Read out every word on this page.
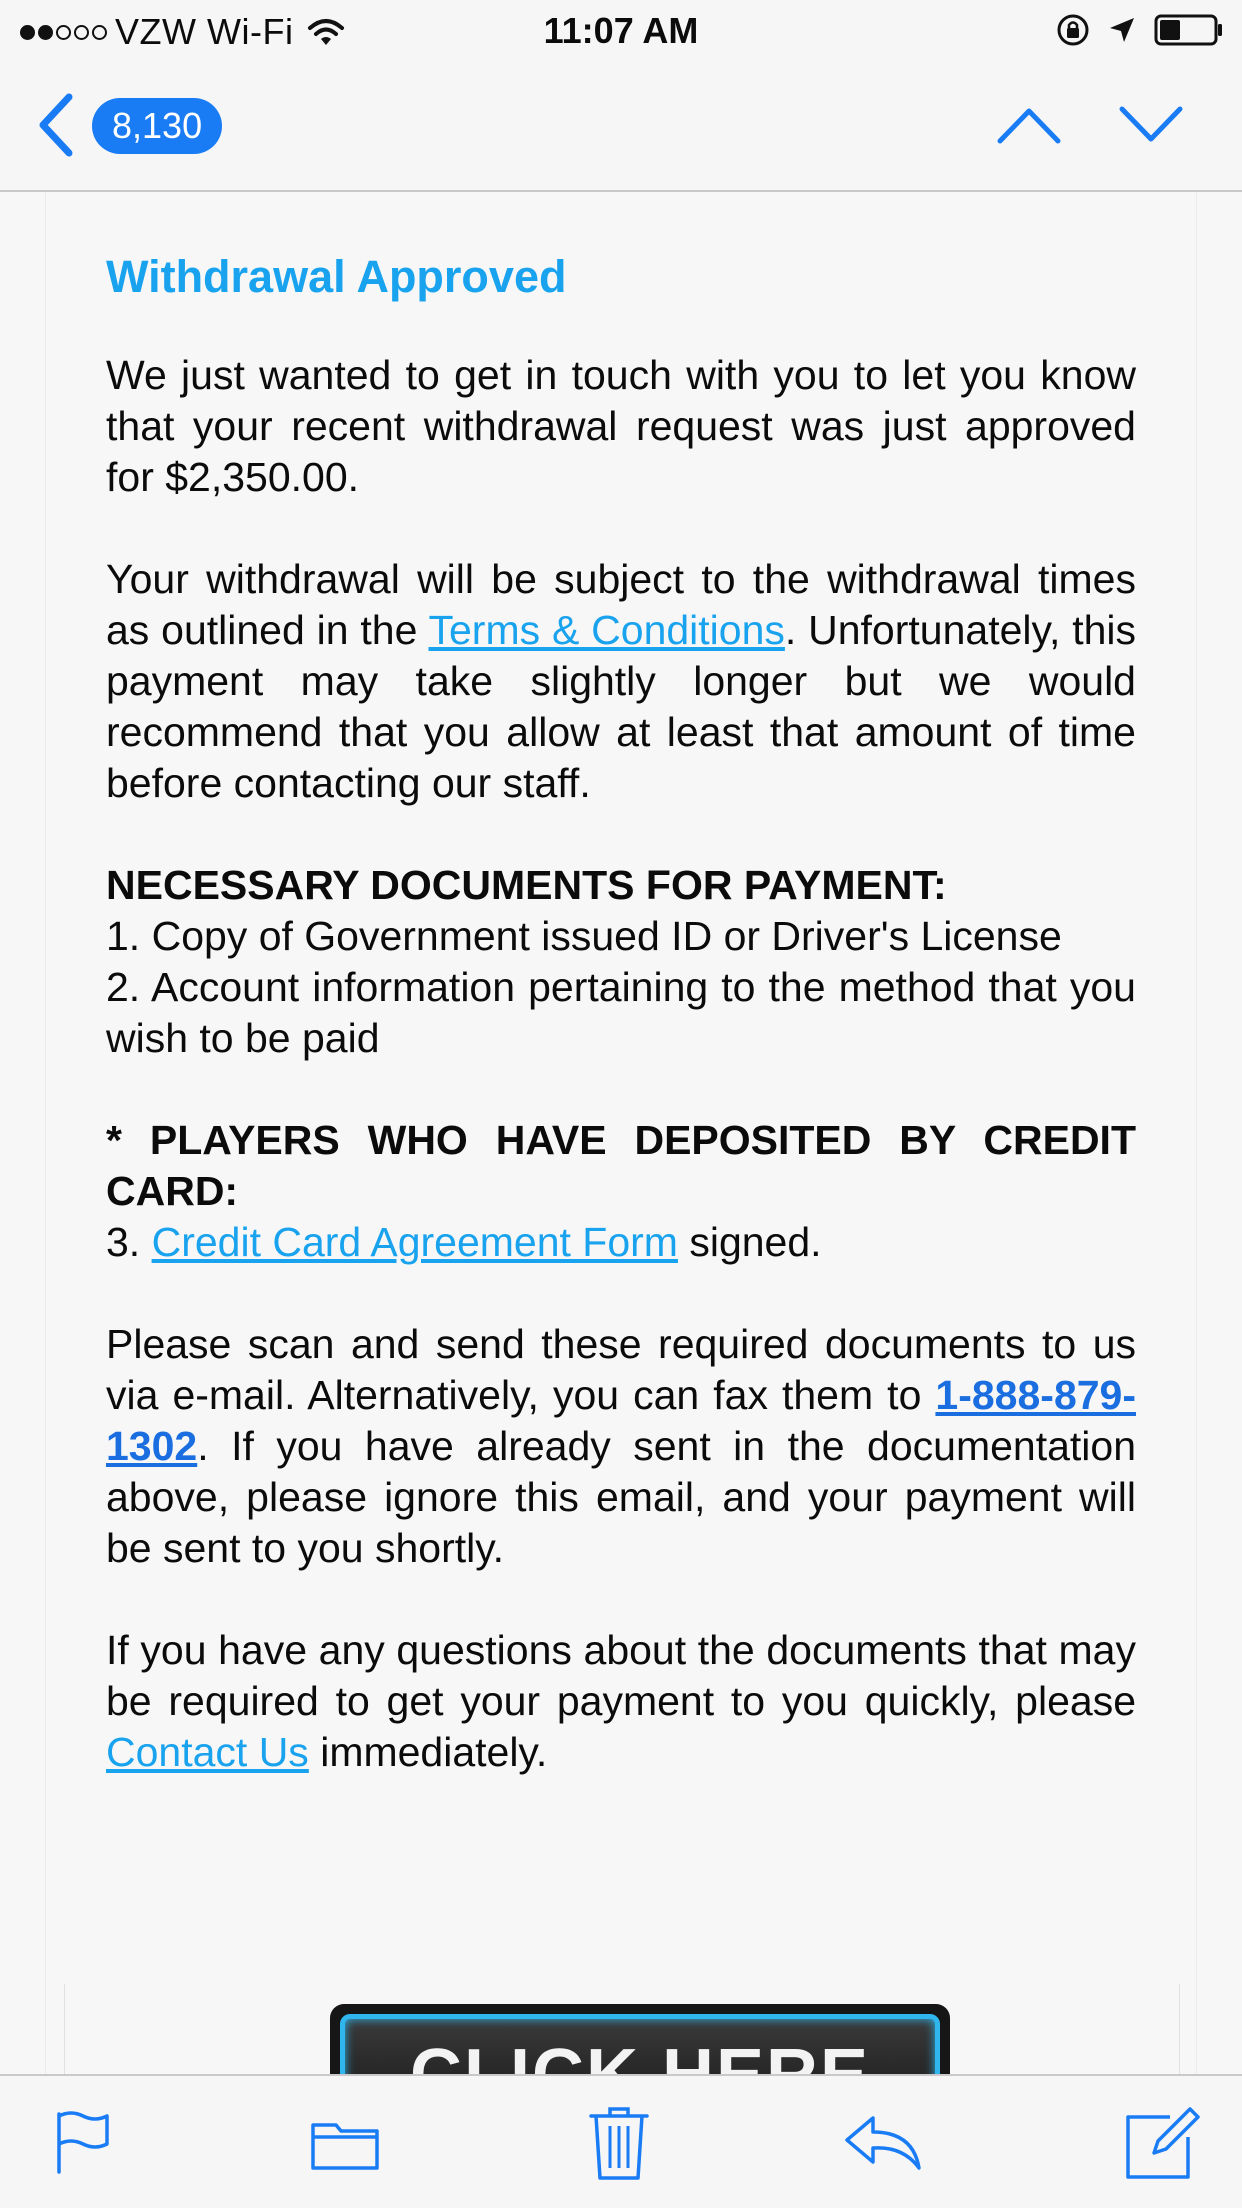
VZW Wi-Fi	11:07 AM
8,130

Withdrawal Approved

We just wanted to get in touch with you to let you know that your recent withdrawal request was just approved for $2,350.00.

Your withdrawal will be subject to the withdrawal times as outlined in the Terms & Conditions. Unfortunately, this payment may take slightly longer but we would recommend that you allow at least that amount of time before contacting our staff.

NECESSARY DOCUMENTS FOR PAYMENT:

1. Copy of Government issued ID or Driver's License

2. Account information pertaining to the method that you wish to be paid

* PLAYERS WHO HAVE DEPOSITED BY CREDIT CARD:

3. Credit Card Agreement Form signed.

Please scan and send these required documents to us via e-mail. Alternatively, you can fax them to 1-888-879-1302. If you have already sent in the documentation above, please ignore this email, and your payment will be sent to you shortly.

If you have any questions about the documents that may be required to get your payment to you quickly, please Contact Us immediately.
